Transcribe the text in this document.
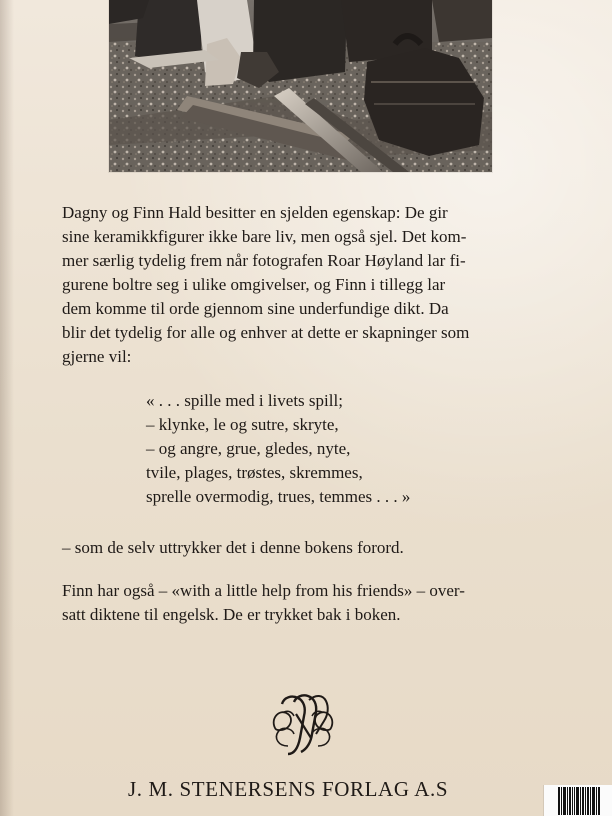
Dagny og Finn Hald besitter en sjelden egenskap: De gir
sine keramikkfigurer ikke bare liv, men også sjel. Det kom-
mer særlig tydelig frem når fotografen Roar Høyland lar fi-
gurene boltre seg i ulike omgivelser, og Finn i tillegg lar
dem komme til orde gjennom sine underfundige dikt. Da
blir det tydelig for alle og enhver at dette er skapninger som
gjerne vil:

« . . . spille med i livets spill;
– klynke, le og sutre, skryte,
– og angre, grue, gledes, nyte,
tvile, plages, trøstes, skremmes,
sprelle overmodig, trues, temmes . . . »
– som de selv uttrykker det i denne bokens forord.
Finn har også – «with a little help from his friends» – over-
satt diktene til engelsk. De er trykket bak i boken.
J. M. STENERSENS FORLAG A.S
